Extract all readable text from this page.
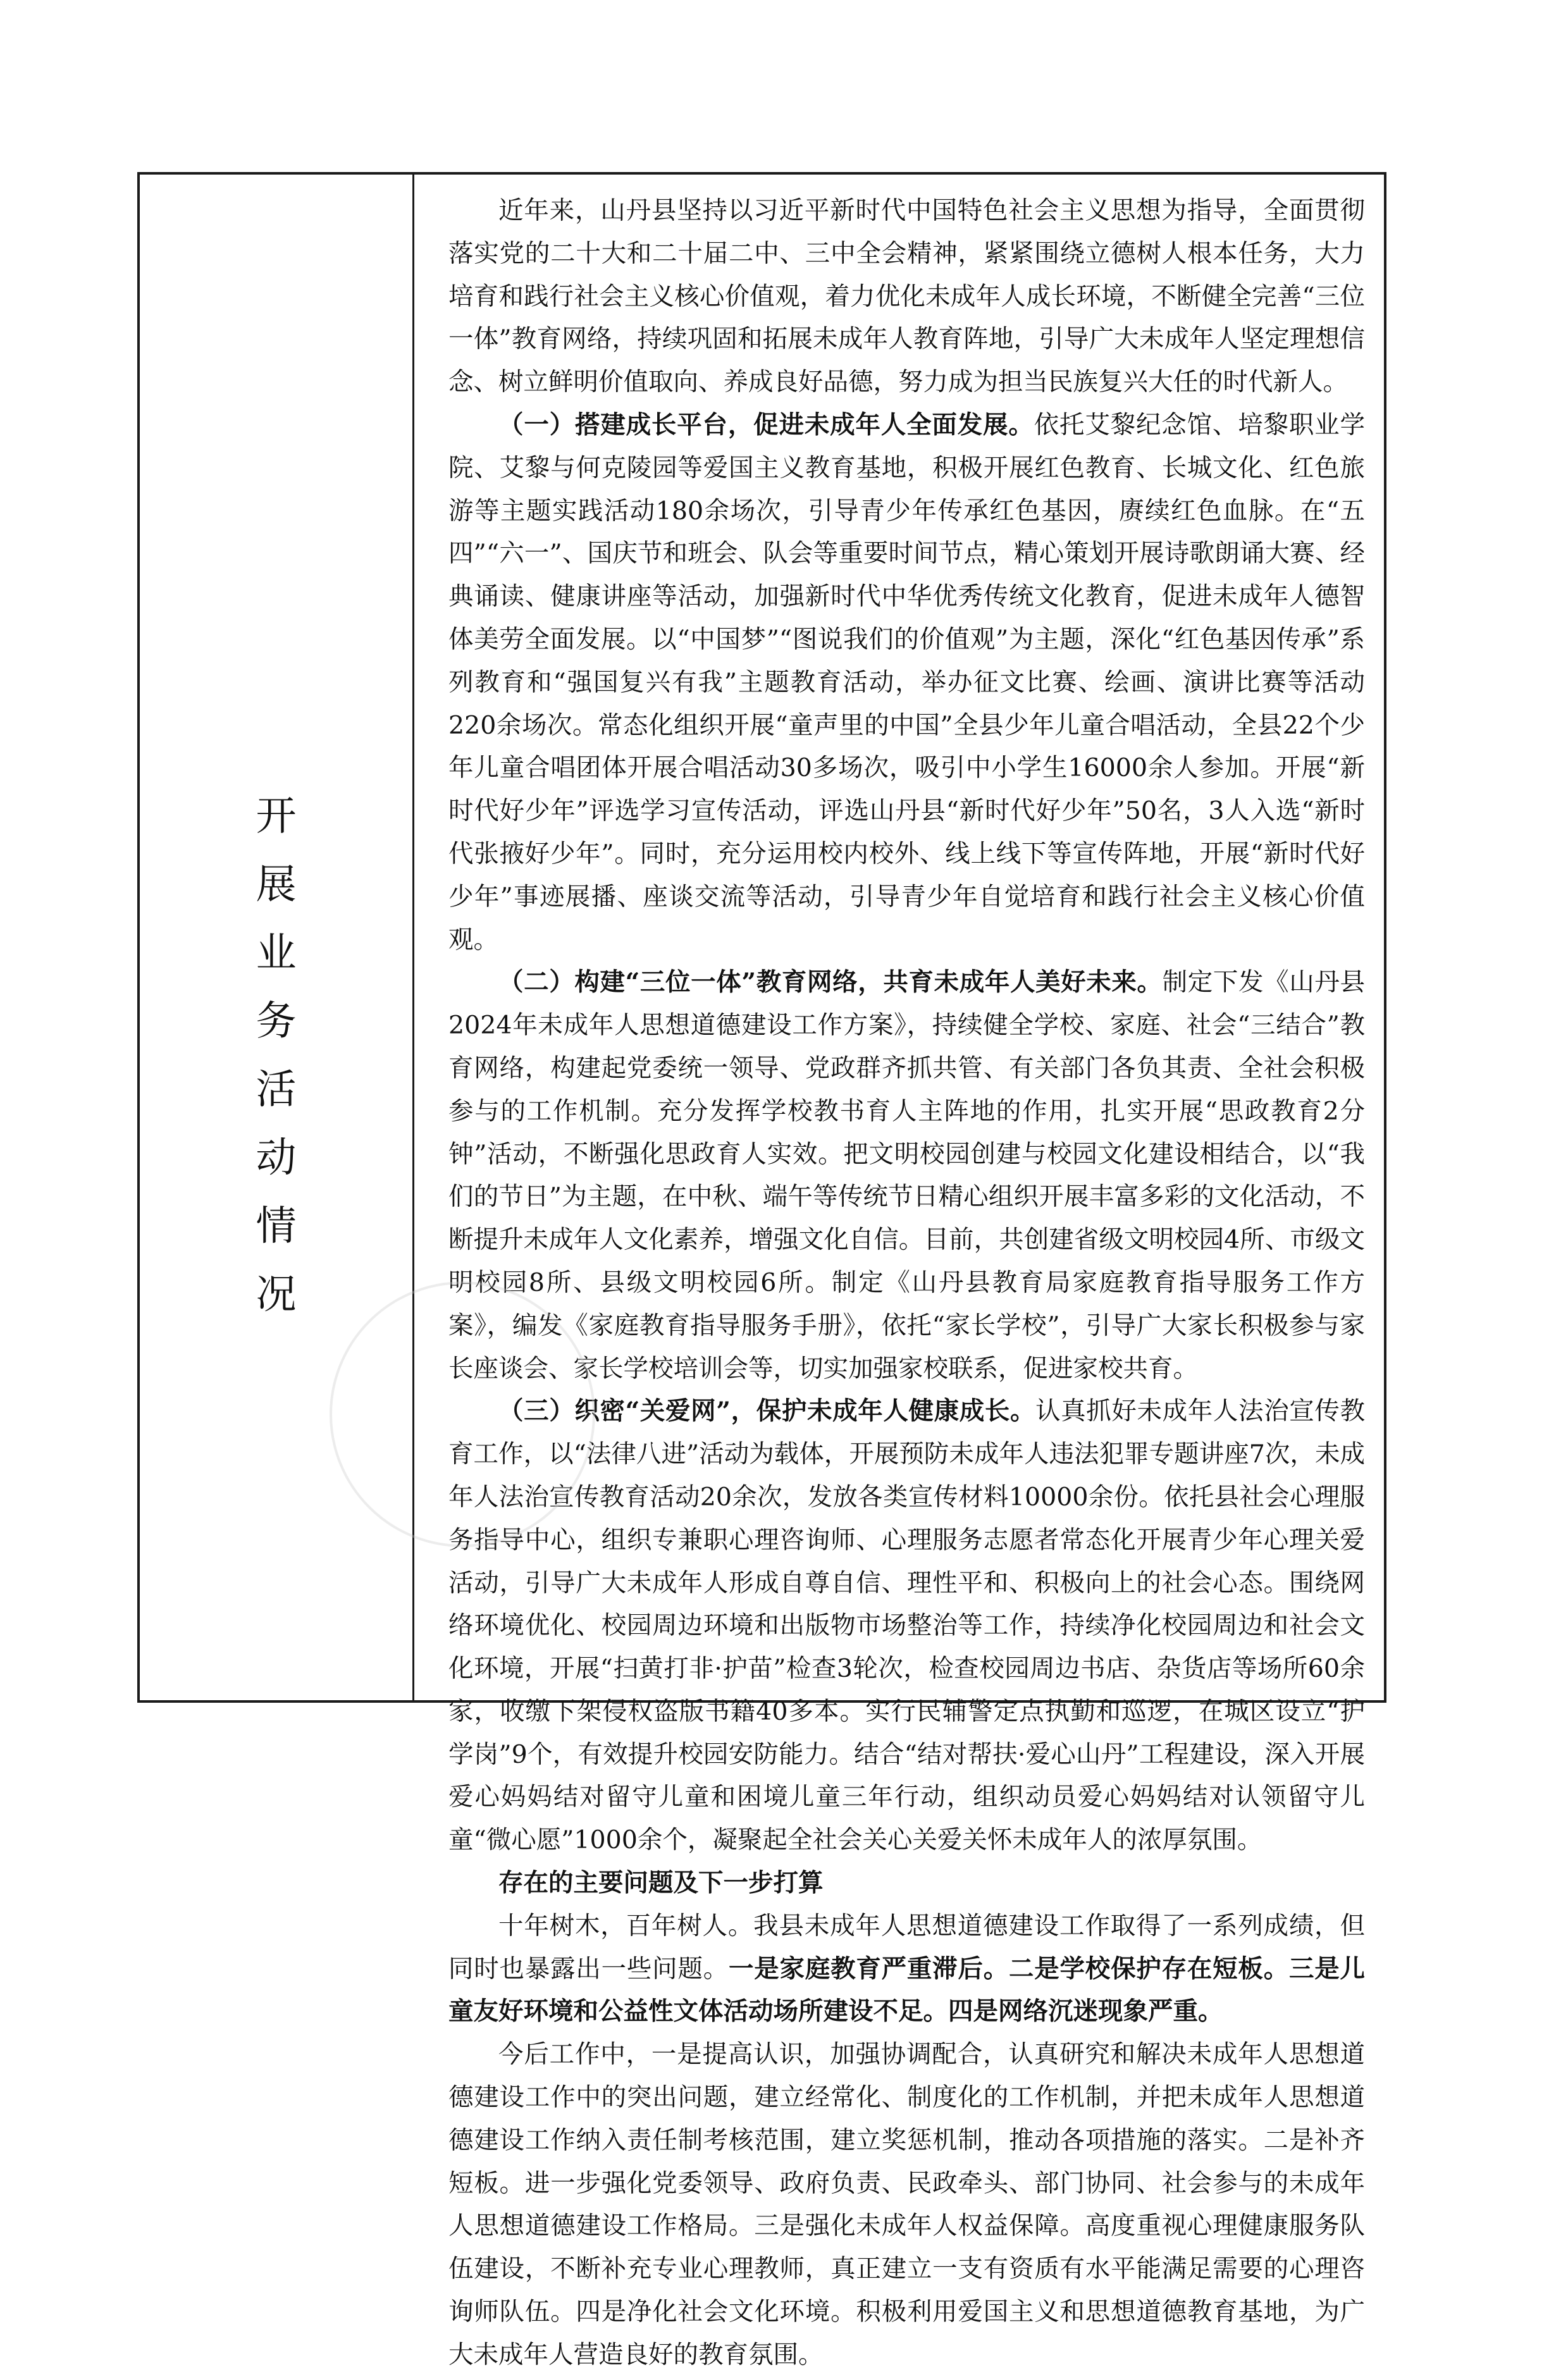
开
展
业
务
活
动
情
况

近年来，山丹县坚持以习近平新时代中国特色社会主义思想为指导，全面贯彻落实党的二十大和二十届二中、三中全会精神，紧紧围绕立德树人根本任务，大力培育和践行社会主义核心价值观，着力优化未成年人成长环境，不断健全完善“三位一体”教育网络，持续巩固和拓展未成年人教育阵地，引导广大未成年人坚定理想信念、树立鲜明价值取向、养成良好品德，努力成为担当民族复兴大任的时代新人。

（一）搭建成长平台，促进未成年人全面发展。依托艾黎纪念馆、培黎职业学院、艾黎与何克陵园等爱国主义教育基地，积极开展红色教育、长城文化、红色旅游等主题实践活动180余场次，引导青少年传承红色基因，赓续红色血脉。在“五四”“六一”、国庆节和班会、队会等重要时间节点，精心策划开展诗歌朗诵大赛、经典诵读、健康讲座等活动，加强新时代中华优秀传统文化教育，促进未成年人德智体美劳全面发展。以“中国梦”“图说我们的价值观”为主题，深化“红色基因传承”系列教育和“强国复兴有我”主题教育活动，举办征文比赛、绘画、演讲比赛等活动220余场次。常态化组织开展“童声里的中国”全县少年儿童合唱活动，全县22个少年儿童合唱团体开展合唱活动30多场次，吸引中小学生16000余人参加。开展“新时代好少年”评选学习宣传活动，评选山丹县“新时代好少年”50名，3人入选“新时代张掖好少年”。同时，充分运用校内校外、线上线下等宣传阵地，开展“新时代好少年”事迹展播、座谈交流等活动，引导青少年自觉培育和践行社会主义核心价值观。

（二）构建“三位一体”教育网络，共育未成年人美好未来。制定下发《山丹县2024年未成年人思想道德建设工作方案》，持续健全学校、家庭、社会“三结合”教育网络，构建起党委统一领导、党政群齐抓共管、有关部门各负其责、全社会积极参与的工作机制。充分发挥学校教书育人主阵地的作用，扎实开展“思政教育2分钟”活动，不断强化思政育人实效。把文明校园创建与校园文化建设相结合，以“我们的节日”为主题，在中秋、端午等传统节日精心组织开展丰富多彩的文化活动，不断提升未成年人文化素养，增强文化自信。目前，共创建省级文明校园4所、市级文明校园8所、县级文明校园6所。制定《山丹县教育局家庭教育指导服务工作方案》，编发《家庭教育指导服务手册》，依托“家长学校”，引导广大家长积极参与家长座谈会、家长学校培训会等，切实加强家校联系，促进家校共育。

（三）织密“关爱网”，保护未成年人健康成长。认真抓好未成年人法治宣传教育工作，以“法律八进”活动为载体，开展预防未成年人违法犯罪专题讲座7次，未成年人法治宣传教育活动20余次，发放各类宣传材料10000余份。依托县社会心理服务指导中心，组织专兼职心理咨询师、心理服务志愿者常态化开展青少年心理关爱活动，引导广大未成年人形成自尊自信、理性平和、积极向上的社会心态。围绕网络环境优化、校园周边环境和出版物市场整治等工作，持续净化校园周边和社会文化环境，开展“扫黄打非·护苗”检查3轮次，检查校园周边书店、杂货店等场所60余家，收缴下架侵权盗版书籍40多本。实行民辅警定点执勤和巡逻，在城区设立“护学岗”9个，有效提升校园安防能力。结合“结对帮扶·爱心山丹”工程建设，深入开展爱心妈妈结对留守儿童和困境儿童三年行动，组织动员爱心妈妈结对认领留守儿童“微心愿”1000余个，凝聚起全社会关心关爱关怀未成年人的浓厚氛围。

存在的主要问题及下一步打算

十年树木，百年树人。我县未成年人思想道德建设工作取得了一系列成绩，但同时也暴露出一些问题。一是家庭教育严重滞后。二是学校保护存在短板。三是儿童友好环境和公益性文体活动场所建设不足。四是网络沉迷现象严重。

今后工作中，一是提高认识，加强协调配合，认真研究和解决未成年人思想道德建设工作中的突出问题，建立经常化、制度化的工作机制，并把未成年人思想道德建设工作纳入责任制考核范围，建立奖惩机制，推动各项措施的落实。二是补齐短板。进一步强化党委领导、政府负责、民政牵头、部门协同、社会参与的未成年人思想道德建设工作格局。三是强化未成年人权益保障。高度重视心理健康服务队伍建设，不断补充专业心理教师，真正建立一支有资质有水平能满足需要的心理咨询师队伍。四是净化社会文化环境。积极利用爱国主义和思想道德教育基地，为广大未成年人营造良好的教育氛围。
